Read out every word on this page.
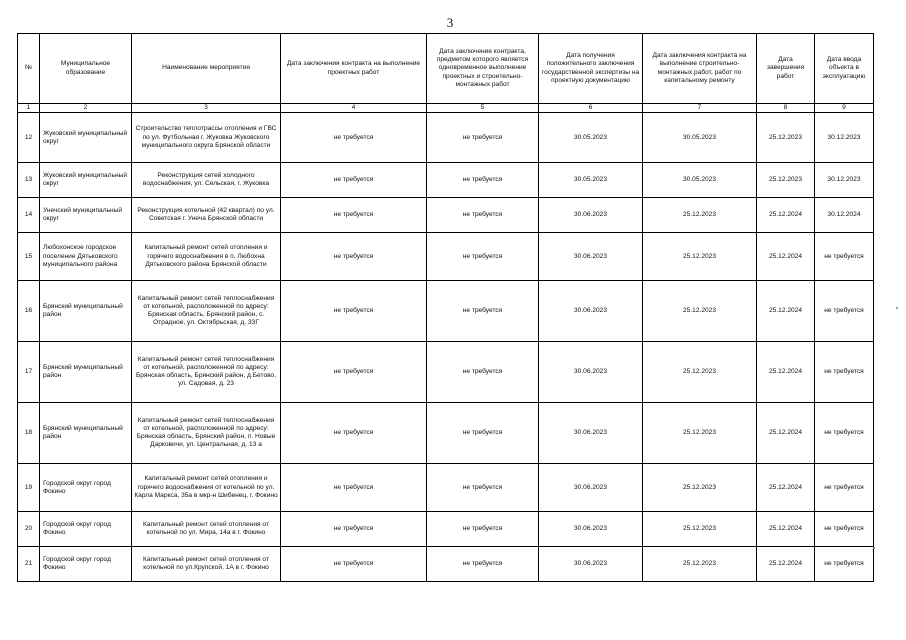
3
№	Муниципальное образование	Наименование мероприятия	Дата заключения контракта на выполнение проектных работ	Дата заключение контракта, предметом которого является одновременное выполнение проектных и строительно-монтажных работ	Дата получения положительного заключения государственной экспертизы на проектную документацию	Дата заключения контракта на выполнение строительно-монтажных работ, работ по капитальному ремонту	Дата завершения работ	Дата ввода объекта в эксплуатацию
1	2	3	4	5	6	7	8	9
12	Жуковский муниципальный округ	Строительство теплотрассы отопления и ГВС по ул. Футбольная г. Жуковка Жуковского муниципального округа Брянской области	не требуется	не требуется	30.05.2023	30.05.2023	25.12.2023	30.12.2023
13	Жуковский муниципальный округ	Реконструкция сетей холодного водоснабжения, ул. Сельская, г. Жуковка	не требуется	не требуется	30.05.2023	30.05.2023	25.12.2023	30.12.2023
14	Унечский муниципальный округ	Реконструкция котельной (42 квартал) по ул. Советская г. Унеча Брянской области	не требуется	не требуется	30.06.2023	25.12.2023	25.12.2024	30.12.2024
15	Любохонское городское поселение Дятьковского муниципального района	Капитальный ремонт сетей отопления и горячего водоснабжения в п. Любохна Дятьковского района Брянской области	не требуется	не требуется	30.06.2023	25.12.2023	25.12.2024	не требуется
16	Брянский муниципальный район	Капитальный ремонт сетей теплоснабжения от котельной, расположенной по адресу: Брянская область, Брянский район, с. Отрадное, ул. Октябрьская, д. 33Г	не требуется	не требуется	30.06.2023	25.12.2023	25.12.2024	не требуется
17	Брянский муниципальный район	Капитальный ремонт сетей теплоснабжения от котельной, расположенной по адресу: Брянская область, Брянский район, д.Бетово, ул. Садовая, д. 23	не требуется	не требуется	30.06.2023	25.12.2023	25.12.2024	не требуется
18	Брянский муниципальный район	Капитальный ремонт сетей теплоснабжения от котельной, расположенной по адресу: Брянская область, Брянский район, п. Новые Дарковичи, ул. Центральная, д. 13 а	не требуется	не требуется	30.06.2023	25.12.2023	25.12.2024	не требуется
19	Городской округ город Фокино	Капитальный ремонт сетей отопления и горячего водоснабжения от котельной по ул. Карла Маркса, 35а в мкр-н Шибенец, г. Фокино	не требуется	не требуется	30.06.2023	25.12.2023	25.12.2024	не требуется
20	Городской округ город Фокино	Капитальный ремонт сетей отопления от котельной по ул. Мира, 14а в г. Фокино	не требуется	не требуется	30.06.2023	25.12.2023	25.12.2024	не требуется
21	Городской округ город Фокино	Капитальный ремонт сетей отопления от котельной по ул.Крупской, 1А в г. Фокино	не требуется	не требуется	30.06.2023	25.12.2023	25.12.2024	не требуется
